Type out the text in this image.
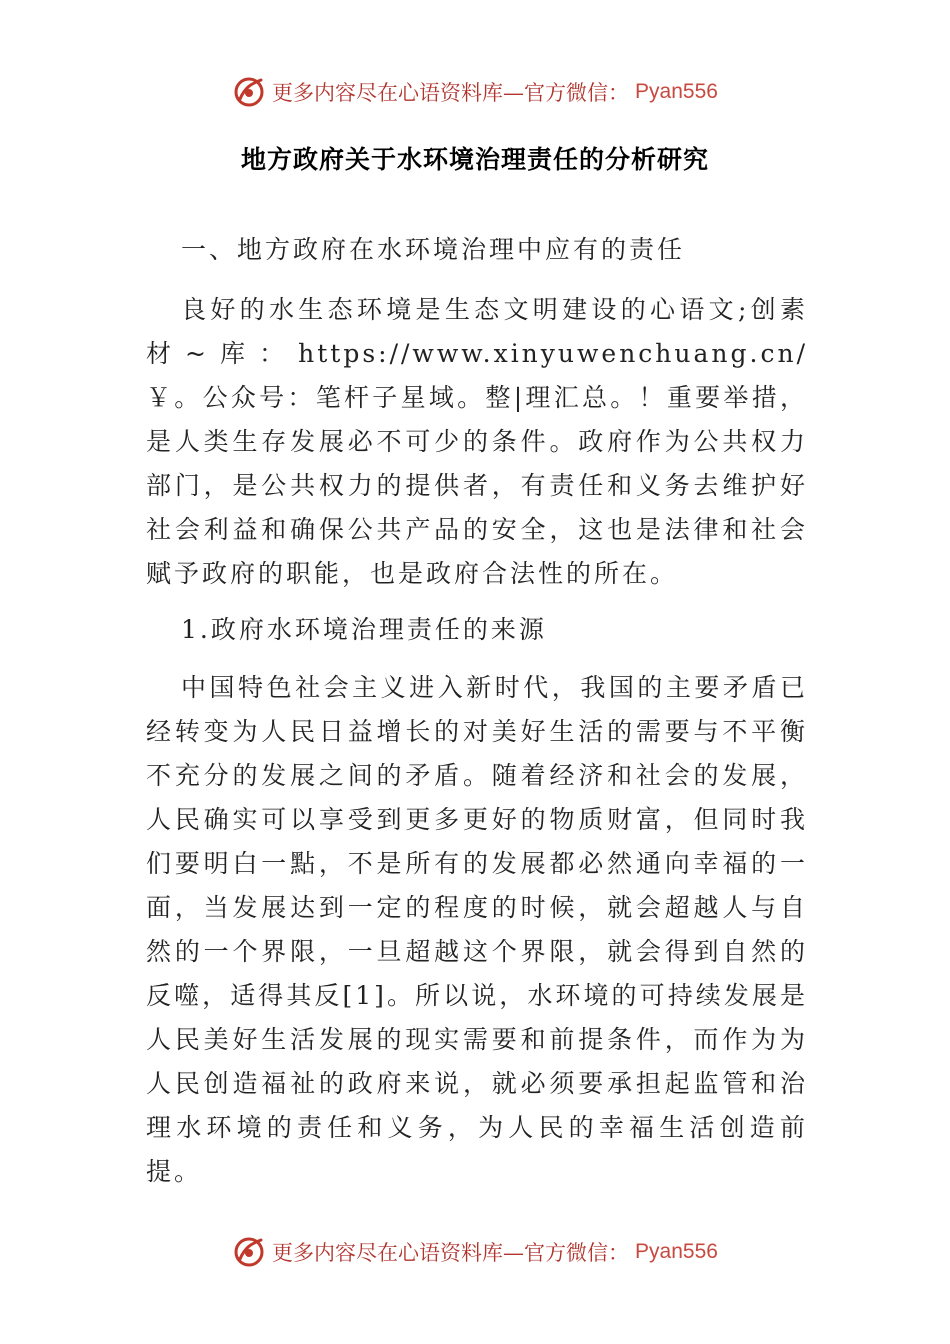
更多内容尽在心语资料库—官方微信： Pyan556
地方政府关于水环境治理责任的分析研究

一、地方政府在水环境治理中应有的责任

良好的水生态环境是生态文明建设的心语文;创素材~库：https://www.xinyuwenchuang.cn/￥。公众号：笔杆子星域。整|理汇总。！重要举措，是人类生存发展必不可少的条件。政府作为公共权力部门，是公共权力的提供者，有责任和义务去维护好社会利益和确保公共产品的安全，这也是法律和社会赋予政府的职能，也是政府合法性的所在。

1.政府水环境治理责任的来源

中国特色社会主义进入新时代，我国的主要矛盾已经转变为人民日益增长的对美好生活的需要与不平衡不充分的发展之间的矛盾。随着经济和社会的发展，人民确实可以享受到更多更好的物质财富，但同时我们要明白一點，不是所有的发展都必然通向幸福的一面，当发展达到一定的程度的时候，就会超越人与自然的一个界限，一旦超越这个界限，就会得到自然的反噬，适得其反[1]。所以说，水环境的可持续发展是人民美好生活发展的现实需要和前提条件，而作为为人民创造福祉的政府来说，就必须要承担起监管和治理水环境的责任和义务，为人民的幸福生活创造前提。

更多内容尽在心语资料库—官方微信： Pyan556
